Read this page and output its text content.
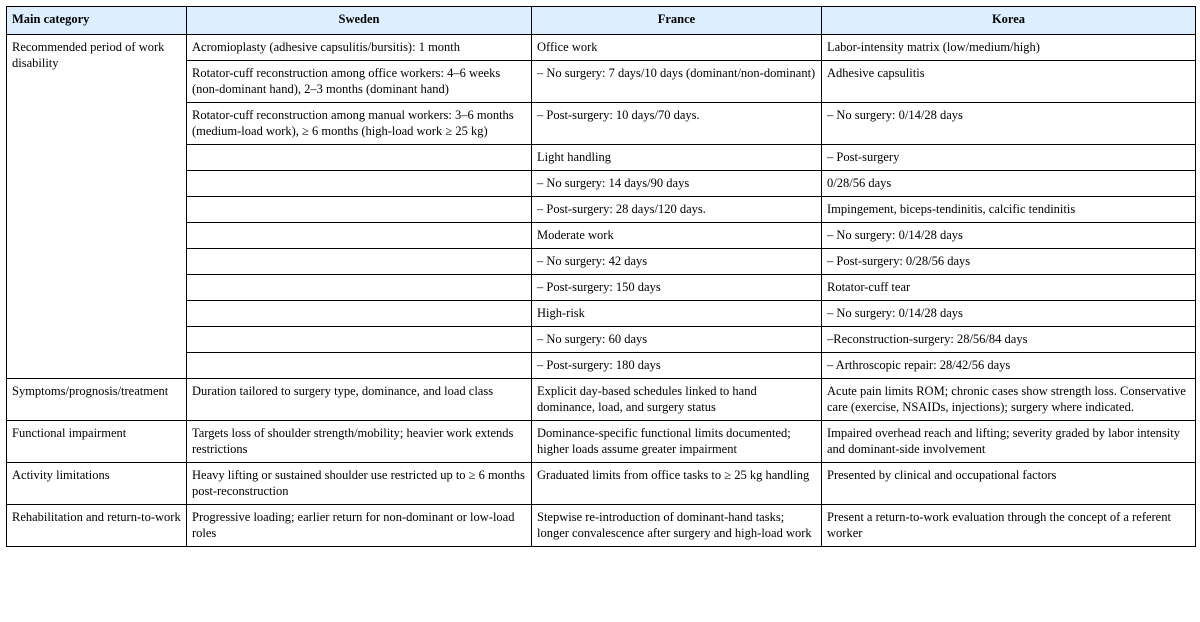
Main category	Sweden	France	Korea
Recommended period of work disability	Acromioplasty (adhesive capsulitis/bursitis): 1 month	Office work	Labor-intensity matrix (low/medium/high)
	Rotator-cuff reconstruction among office workers: 4–6 weeks (non-dominant hand), 2–3 months (dominant hand)	– No surgery: 7 days/10 days (dominant/non-dominant)	Adhesive capsulitis
	Rotator-cuff reconstruction among manual workers: 3–6 months (medium-load work), ≥ 6 months (high-load work ≥ 25 kg)	– Post-surgery: 10 days/70 days.	– No surgery: 0/14/28 days
		Light handling	– Post-surgery
		– No surgery: 14 days/90 days	0/28/56 days
		– Post-surgery: 28 days/120 days.	Impingement, biceps-tendinitis, calcific tendinitis
		Moderate work	– No surgery: 0/14/28 days
		– No surgery: 42 days	– Post-surgery: 0/28/56 days
		– Post-surgery: 150 days	Rotator-cuff tear
		High-risk	– No surgery: 0/14/28 days
		– No surgery: 60 days	–Reconstruction-surgery: 28/56/84 days
		– Post-surgery: 180 days	– Arthroscopic repair: 28/42/56 days
Symptoms/prognosis/treatment	Duration tailored to surgery type, dominance, and load class	Explicit day-based schedules linked to hand dominance, load, and surgery status	Acute pain limits ROM; chronic cases show strength loss. Conservative care (exercise, NSAIDs, injections); surgery where indicated.
Functional impairment	Targets loss of shoulder strength/mobility; heavier work extends restrictions	Dominance-specific functional limits documented; higher loads assume greater impairment	Impaired overhead reach and lifting; severity graded by labor intensity and dominant-side involvement
Activity limitations	Heavy lifting or sustained shoulder use restricted up to ≥ 6 months post-reconstruction	Graduated limits from office tasks to ≥ 25 kg handling	Presented by clinical and occupational factors
Rehabilitation and return-to-work	Progressive loading; earlier return for non-dominant or low-load roles	Stepwise re-introduction of dominant-hand tasks; longer convalescence after surgery and high-load work	Present a return-to-work evaluation through the concept of a referent worker
